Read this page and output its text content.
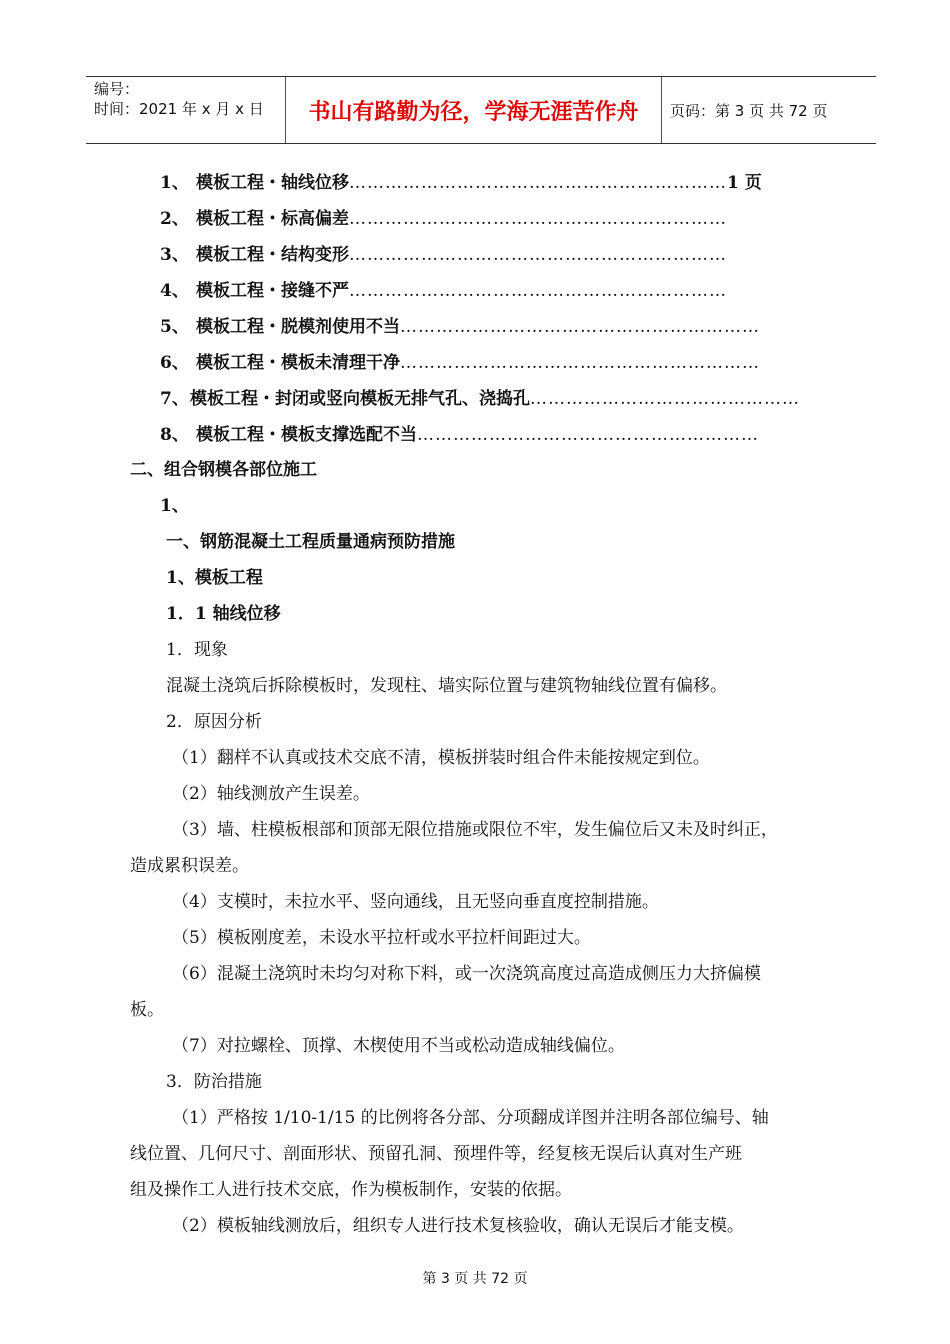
编号：
时间：2021 年 x 月 x 日	书山有路勤为径，学海无涯苦作舟	页码：第 3 页 共 72 页
1、 模板工程・轴线位移 ……………………………………………………… 1 页
2、 模板工程・标高偏差 ………………………………………………………
3、 模板工程・结构变形 ………………………………………………………
4、 模板工程・接缝不严 ………………………………………………………
5、 模板工程・脱模剂使用不当 ……………………………………………………
6、 模板工程・模板未清理干净 ……………………………………………………
7、 模板工程・封闭或竖向模板无排气孔、浇捣孔 ………………………………………
8、 模板工程・模板支撑选配不当 …………………………………………………
二、组合钢模各部位施工
1、
一、钢筋混凝土工程质量通病预防措施
1、模板工程
1．1 轴线位移
1．现象
混凝土浇筑后拆除模板时，发现柱、墙实际位置与建筑物轴线位置有偏移。
2．原因分析
（1）翻样不认真或技术交底不清，模板拼装时组合件未能按规定到位。
（2）轴线测放产生误差。
（3）墙、柱模板根部和顶部无限位措施或限位不牢，发生偏位后又未及时纠正，
造成累积误差。
（4）支模时，未拉水平、竖向通线，且无竖向垂直度控制措施。
（5）模板刚度差，未设水平拉杆或水平拉杆间距过大。
（6）混凝土浇筑时未均匀对称下料，或一次浇筑高度过高造成侧压力大挤偏模
板。
（7）对拉螺栓、顶撑、木楔使用不当或松动造成轴线偏位。
3．防治措施
（1）严格按 1/10-1/15 的比例将各分部、分项翻成详图并注明各部位编号、轴
线位置、几何尺寸、剖面形状、预留孔洞、预埋件等，经复核无误后认真对生产班
组及操作工人进行技术交底，作为模板制作，安装的依据。
（2）模板轴线测放后，组织专人进行技术复核验收，确认无误后才能支模。
第 3 页 共 72 页
